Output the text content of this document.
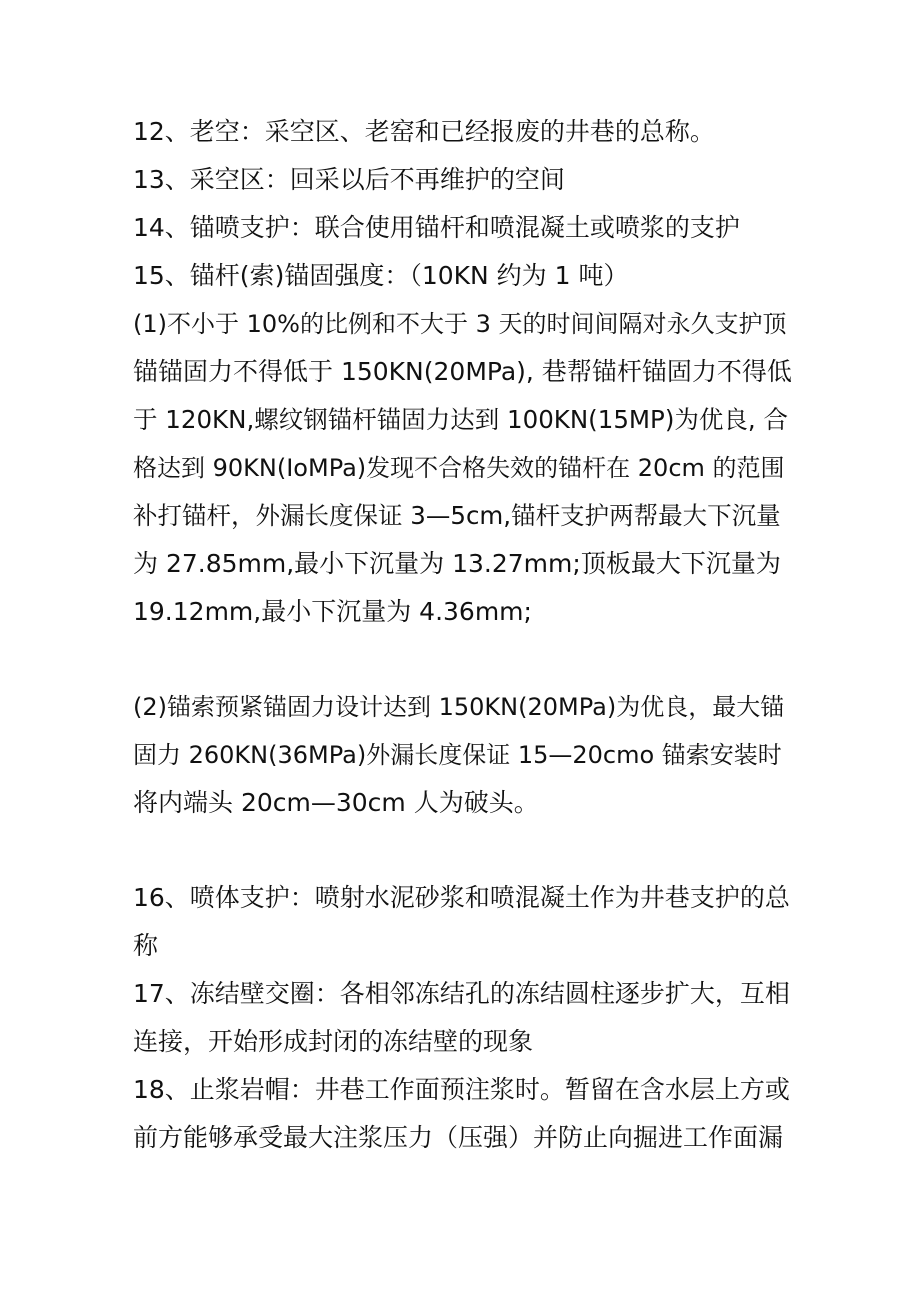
12、老空：采空区、老窑和已经报废的井巷的总称。
13、采空区：回采以后不再维护的空间
14、锚喷支护：联合使用锚杆和喷混凝土或喷浆的支护
15、锚杆(索)锚固强度：（10KN 约为 1 吨）
(1)不小于 10%的比例和不大于 3 天的时间间隔对永久支护顶
锚锚固力不得低于 150KN(20MPa), 巷帮锚杆锚固力不得低
于 120KN,螺纹钢锚杆锚固力达到 100KN(15MP)为优良, 合
格达到 90KN(IoMPa)发现不合格失效的锚杆在 20cm 的范围
补打锚杆，外漏长度保证 3—5cm,锚杆支护两帮最大下沉量
为 27.85mm,最小下沉量为 13.27mm;顶板最大下沉量为
19.12mm,最小下沉量为 4.36mm;
(2)锚索预紧锚固力设计达到 150KN(20MPa)为优良，最大锚
固力 260KN(36MPa)外漏长度保证 15—20cmo 锚索安装时
将内端头 20cm—30cm 人为破头。
16、喷体支护：喷射水泥砂浆和喷混凝土作为井巷支护的总
称
17、冻结壁交圈：各相邻冻结孔的冻结圆柱逐步扩大，互相
连接，开始形成封闭的冻结壁的现象
18、止浆岩帽：井巷工作面预注浆时。暂留在含水层上方或
前方能够承受最大注浆压力（压强）并防止向掘进工作面漏
